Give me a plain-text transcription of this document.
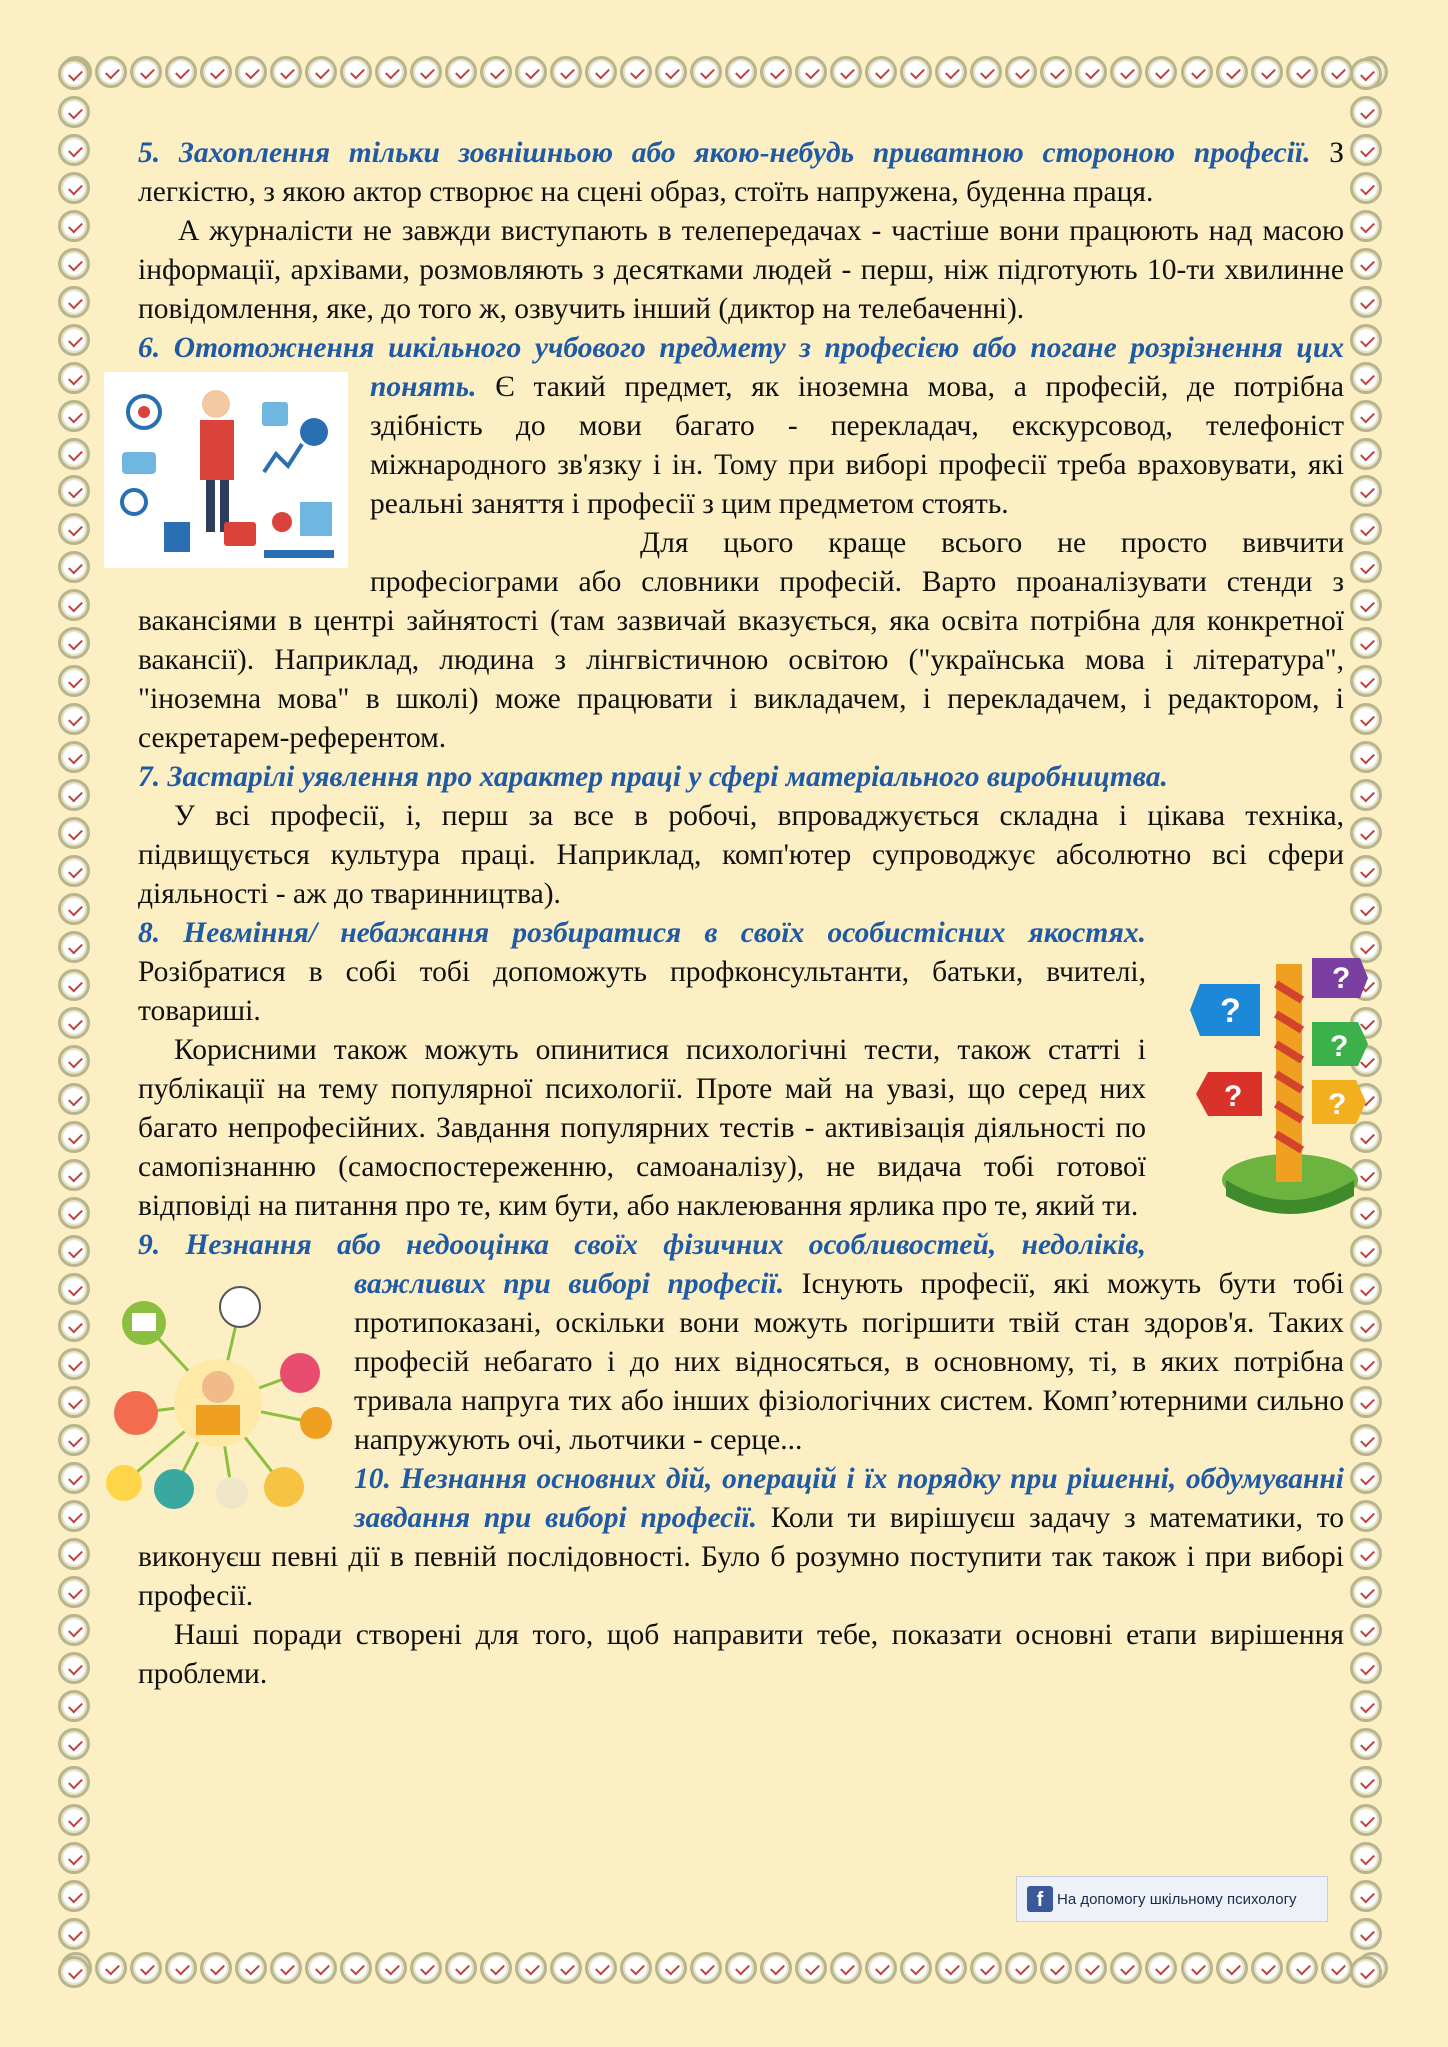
5. Захоплення тільки зовнішньою або якою-небудь приватною стороною професії. З легкістю, з якою актор створює на сцені образ, стоїть напружена, буденна праця.

А журналісти не завжди виступають в телепередачах - частіше вони працюють над масою інформації, архівами, розмовляють з десятками людей - перш, ніж підготують 10-ти хвилинне повідомлення, яке, до того ж, озвучить інший (диктор на телебаченні).

6. Ототожнення шкільного учбового предмету з професією або погане розрізнення цих понять.
Є такий предмет, як іноземна мова, а професій, де потрібна здібність до мови багато - перекладач, екскурсовод, телефоніст міжнародного зв'язку і ін. Тому при виборі професії треба враховувати, які реальні заняття і професії з цим предметом стоять.

Для цього краще всього не просто вивчити професіограми або словники професій. Варто проаналізувати стенди з вакансіями в центрі зайнятості (там зазвичай вказується, яка освіта потрібна для конкретної вакансії). Наприклад, людина з лінгвістичною освітою ("українська мова і література", "іноземна мова" в школі) може працювати і викладачем, і перекладачем, і редактором, і секретарем-референтом.

7. Застарілі уявлення про характер праці у сфері матеріального виробництва.

У всі професії, і, перш за все в робочі, впроваджується складна і цікава техніка, підвищується культура праці. Наприклад, комп'ютер супроводжує абсолютно всі сфери діяльності - аж до тваринництва).

8. Невміння/ небажання розбиратися в своїх особистісних якостях.
?
?
?
?	?
Розібратися в собі тобі допоможуть профконсультанти, батьки, вчителі, товариші.

Корисними також можуть опинитися психологічні тести, також статті і публікації на тему популярної психології. Проте май на увазі, що серед них багато непрофесійних. Завдання популярних тестів - активізація діяльності по самопізнанню (самоспостереженню, самоаналізу), не видача тобі готової відповіді на питання про те, ким бути, або наклеювання ярлика про те, який ти.

9. Незнання або недооцінка своїх фізичних особливостей, недоліків, важливих при виборі професії.
Існують професії, які можуть бути тобі протипоказані, оскільки вони можуть погіршити твій стан здоров'я. Таких професій небагато і до них відносяться, в основному, ті, в яких потрібна тривала напруга тих або інших фізіологічних систем. Комп’ютерними сильно напружують очі, льотчики - серце...

10. Незнання основних дій, операцій і їх порядку при рішенні, обдумуванні завдання при виборі професії. Коли ти вирішуєш задачу з математики, то виконуєш певні дії в певній послідовності. Було б розумно поступити так також і при виборі професії.

Наші поради створені для того, щоб направити тебе, показати основні етапи вирішення проблеми.

f На допомогу шкільному психологу
